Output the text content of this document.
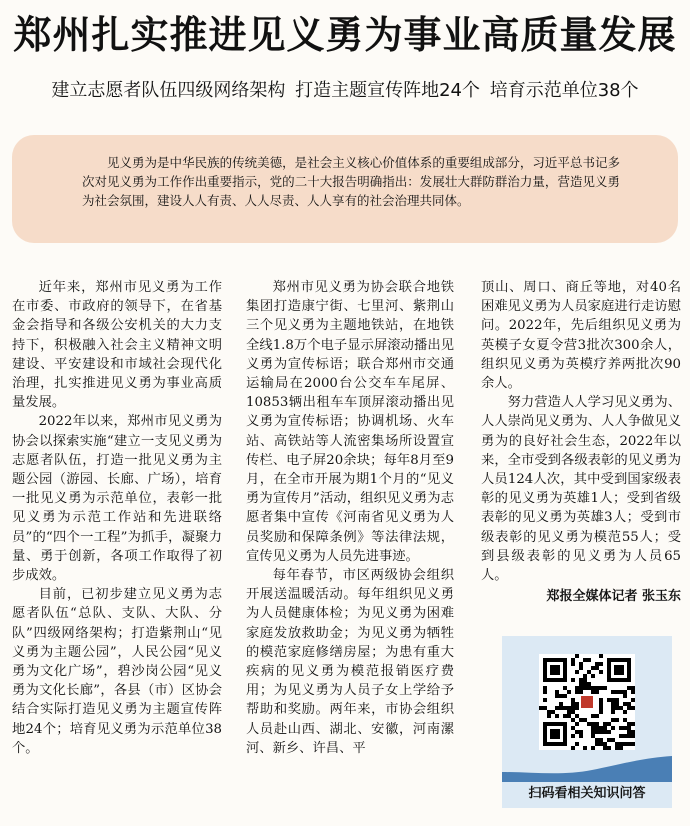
郑州扎实推进见义勇为事业高质量发展
建立志愿者队伍四级网络架构 打造主题宣传阵地24个 培育示范单位38个
见义勇为是中华民族的传统美德，是社会主义核心价值体系的重要组成部分，习近平总书记多次对见义勇为工作作出重要指示，党的二十大报告明确指出：发展壮大群防群治力量，营造见义勇为社会氛围，建设人人有责、人人尽责、人人享有的社会治理共同体。

近年来，郑州市见义勇为工作在市委、市政府的领导下，在省基金会指导和各级公安机关的大力支持下，积极融入社会主义精神文明建设、平安建设和市域社会现代化治理，扎实推进见义勇为事业高质量发展。

2022年以来，郑州市见义勇为协会以探索实施“建立一支见义勇为志愿者队伍，打造一批见义勇为主题公园（游园、长廊、广场），培育一批见义勇为示范单位，表彰一批见义勇为示范工作站和先进联络员”的“四个一工程”为抓手，凝聚力量、勇于创新，各项工作取得了初步成效。

目前，已初步建立见义勇为志愿者队伍“总队、支队、大队、分队”四级网络架构；打造紫荆山“见义勇为主题公园”，人民公园“见义勇为文化广场”，碧沙岗公园“见义勇为文化长廊”，各县（市）区协会结合实际打造见义勇为主题宣传阵地24个；培育见义勇为示范单位38个。

郑州市见义勇为协会联合地铁集团打造康宁街、七里河、紫荆山三个见义勇为主题地铁站，在地铁全线1.8万个电子显示屏滚动播出见义勇为宣传标语；联合郑州市交通运输局在2000台公交车车尾屏、10853辆出租车车顶屏滚动播出见义勇为宣传标语；协调机场、火车站、高铁站等人流密集场所设置宣传栏、电子屏20余块；每年8月至9月，在全市开展为期1个月的“见义勇为宣传月”活动，组织见义勇为志愿者集中宣传《河南省见义勇为人员奖励和保障条例》等法律法规，宣传见义勇为人员先进事迹。

每年春节，市区两级协会组织开展送温暖活动。每年组织见义勇为人员健康体检；为见义勇为困难家庭发放救助金；为见义勇为牺牲的模范家庭修缮房屋；为患有重大疾病的见义勇为模范报销医疗费用；为见义勇为人员子女上学给予帮助和奖励。两年来，市协会组织人员赴山西、湖北、安徽，河南漯河、新乡、许昌、平

顶山、周口、商丘等地，对40名困难见义勇为人员家庭进行走访慰问。2022年，先后组织见义勇为英模子女夏令营3批次300余人，组织见义勇为英模疗养两批次90余人。

努力营造人人学习见义勇为、人人崇尚见义勇为、人人争做见义勇为的良好社会生态，2022年以来，全市受到各级表彰的见义勇为人员124人次，其中受到国家级表彰的见义勇为英雄1人；受到省级表彰的见义勇为英雄3人；受到市级表彰的见义勇为模范55人；受到县级表彰的见义勇为人员65人。

郑报全媒体记者 张玉东
扫码看相关知识问答
